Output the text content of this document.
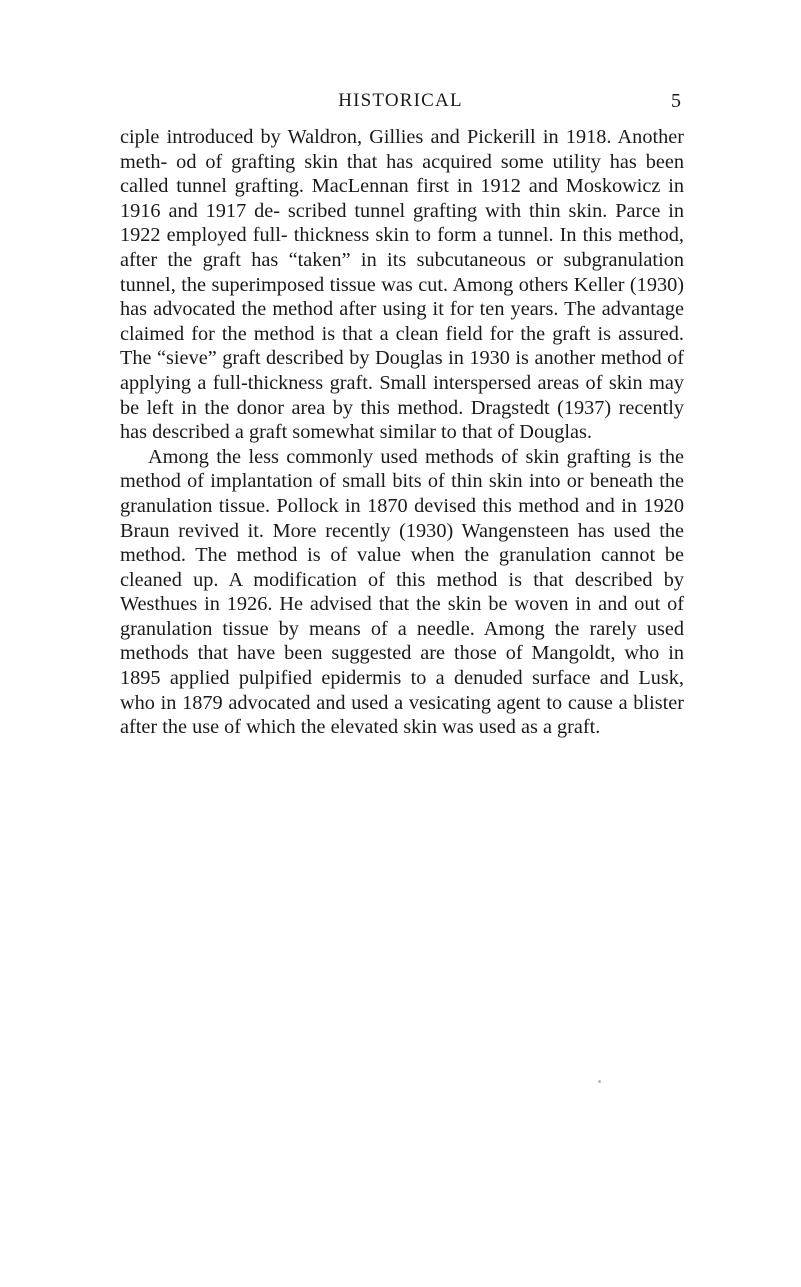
HISTORICAL	5

ciple introduced by Waldron, Gillies and Pickerill in 1918. Another meth- od of grafting skin that has acquired some utility has been called tunnel grafting. MacLennan first in 1912 and Moskowicz in 1916 and 1917 de- scribed tunnel grafting with thin skin. Parce in 1922 employed full- thickness skin to form a tunnel. In this method, after the graft has “taken” in its subcutaneous or subgranulation tunnel, the superimposed tissue was cut. Among others Keller (1930) has advocated the method after using it for ten years. The advantage claimed for the method is that a clean field for the graft is assured. The “sieve” graft described by Douglas in 1930 is another method of applying a full-thickness graft. Small interspersed areas of skin may be left in the donor area by this method. Dragstedt (1937) recently has described a graft somewhat similar to that of Douglas.

Among the less commonly used methods of skin grafting is the method of implantation of small bits of thin skin into or beneath the granulation tissue. Pollock in 1870 devised this method and in 1920 Braun revived it. More recently (1930) Wangensteen has used the method. The method is of value when the granulation cannot be cleaned up. A modification of this method is that described by Westhues in 1926. He advised that the skin be woven in and out of granulation tissue by means of a needle. Among the rarely used methods that have been suggested are those of Mangoldt, who in 1895 applied pulpified epidermis to a denuded surface and Lusk, who in 1879 advocated and used a vesicating agent to cause a blister after the use of which the elevated skin was used as a graft.
